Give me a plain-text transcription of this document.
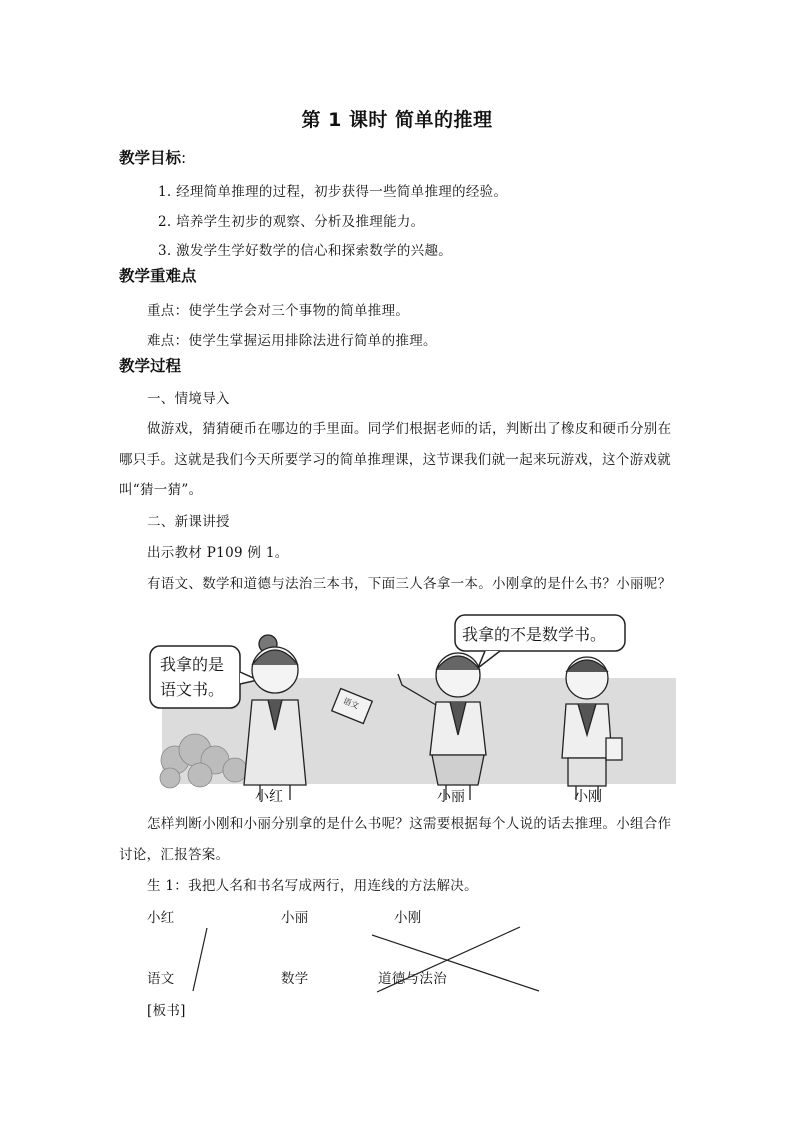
第 1 课时 简单的推理
教学目标:
1. 经理简单推理的过程，初步获得一些简单推理的经验。
2. 培养学生初步的观察、分析及推理能力。
3. 激发学生学好数学的信心和探索数学的兴趣。
教学重难点
重点：使学生学会对三个事物的简单推理。
难点：使学生掌握运用排除法进行简单的推理。
教学过程
一、情境导入
做游戏，猜猜硬币在哪边的手里面。同学们根据老师的话，判断出了橡皮和硬币分别在
哪只手。这就是我们今天所要学习的简单推理课，这节课我们就一起来玩游戏，这个游戏就
叫“猜一猜”。
二、新课讲授
出示教材 P109 例 1。
有语文、数学和道德与法治三本书，下面三人各拿一本。小刚拿的是什么书？小丽呢？
我拿的是
语文书。
我拿的不是数学书。
语文
小红	小丽	小刚
怎样判断小刚和小丽分别拿的是什么书呢？这需要根据每个人说的话去推理。小组合作
讨论，汇报答案。
生 1：我把人名和书名写成两行，用连线的方法解决。
小红	小丽	小刚
语文	数学	道德与法治
[板书]
